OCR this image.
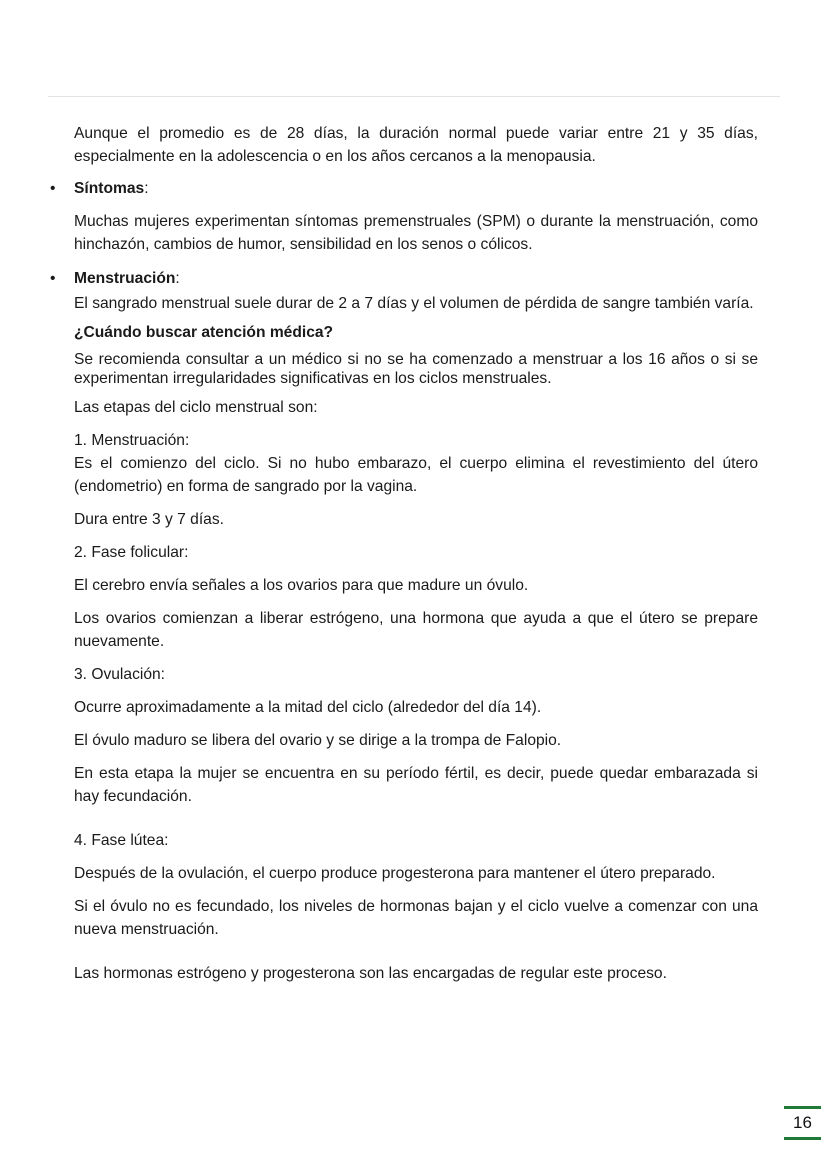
Aunque el promedio es de 28 días, la duración normal puede variar entre 21 y 35 días, especialmente en la adolescencia o en los años cercanos a la menopausia.

• Síntomas:

Muchas mujeres experimentan síntomas premenstruales (SPM) o durante la menstruación, como hinchazón, cambios de humor, sensibilidad en los senos o cólicos.

• Menstruación:

El sangrado menstrual suele durar de 2 a 7 días y el volumen de pérdida de sangre también varía.

¿Cuándo buscar atención médica?

Se recomienda consultar a un médico si no se ha comenzado a menstruar a los 16 años o si se experimentan irregularidades significativas en los ciclos menstruales.

Las etapas del ciclo menstrual son:

1. Menstruación:

Es el comienzo del ciclo. Si no hubo embarazo, el cuerpo elimina el revestimiento del útero (endometrio) en forma de sangrado por la vagina.

Dura entre 3 y 7 días.

2. Fase folicular:

El cerebro envía señales a los ovarios para que madure un óvulo.

Los ovarios comienzan a liberar estrógeno, una hormona que ayuda a que el útero se prepare nuevamente.

3. Ovulación:

Ocurre aproximadamente a la mitad del ciclo (alrededor del día 14).

El óvulo maduro se libera del ovario y se dirige a la trompa de Falopio.

En esta etapa la mujer se encuentra en su período fértil, es decir, puede quedar embarazada si hay fecundación.

4. Fase lútea:

Después de la ovulación, el cuerpo produce progesterona para mantener el útero preparado.

Si el óvulo no es fecundado, los niveles de hormonas bajan y el ciclo vuelve a comenzar con una nueva menstruación.

Las hormonas estrógeno y progesterona son las encargadas de regular este proceso.

16
